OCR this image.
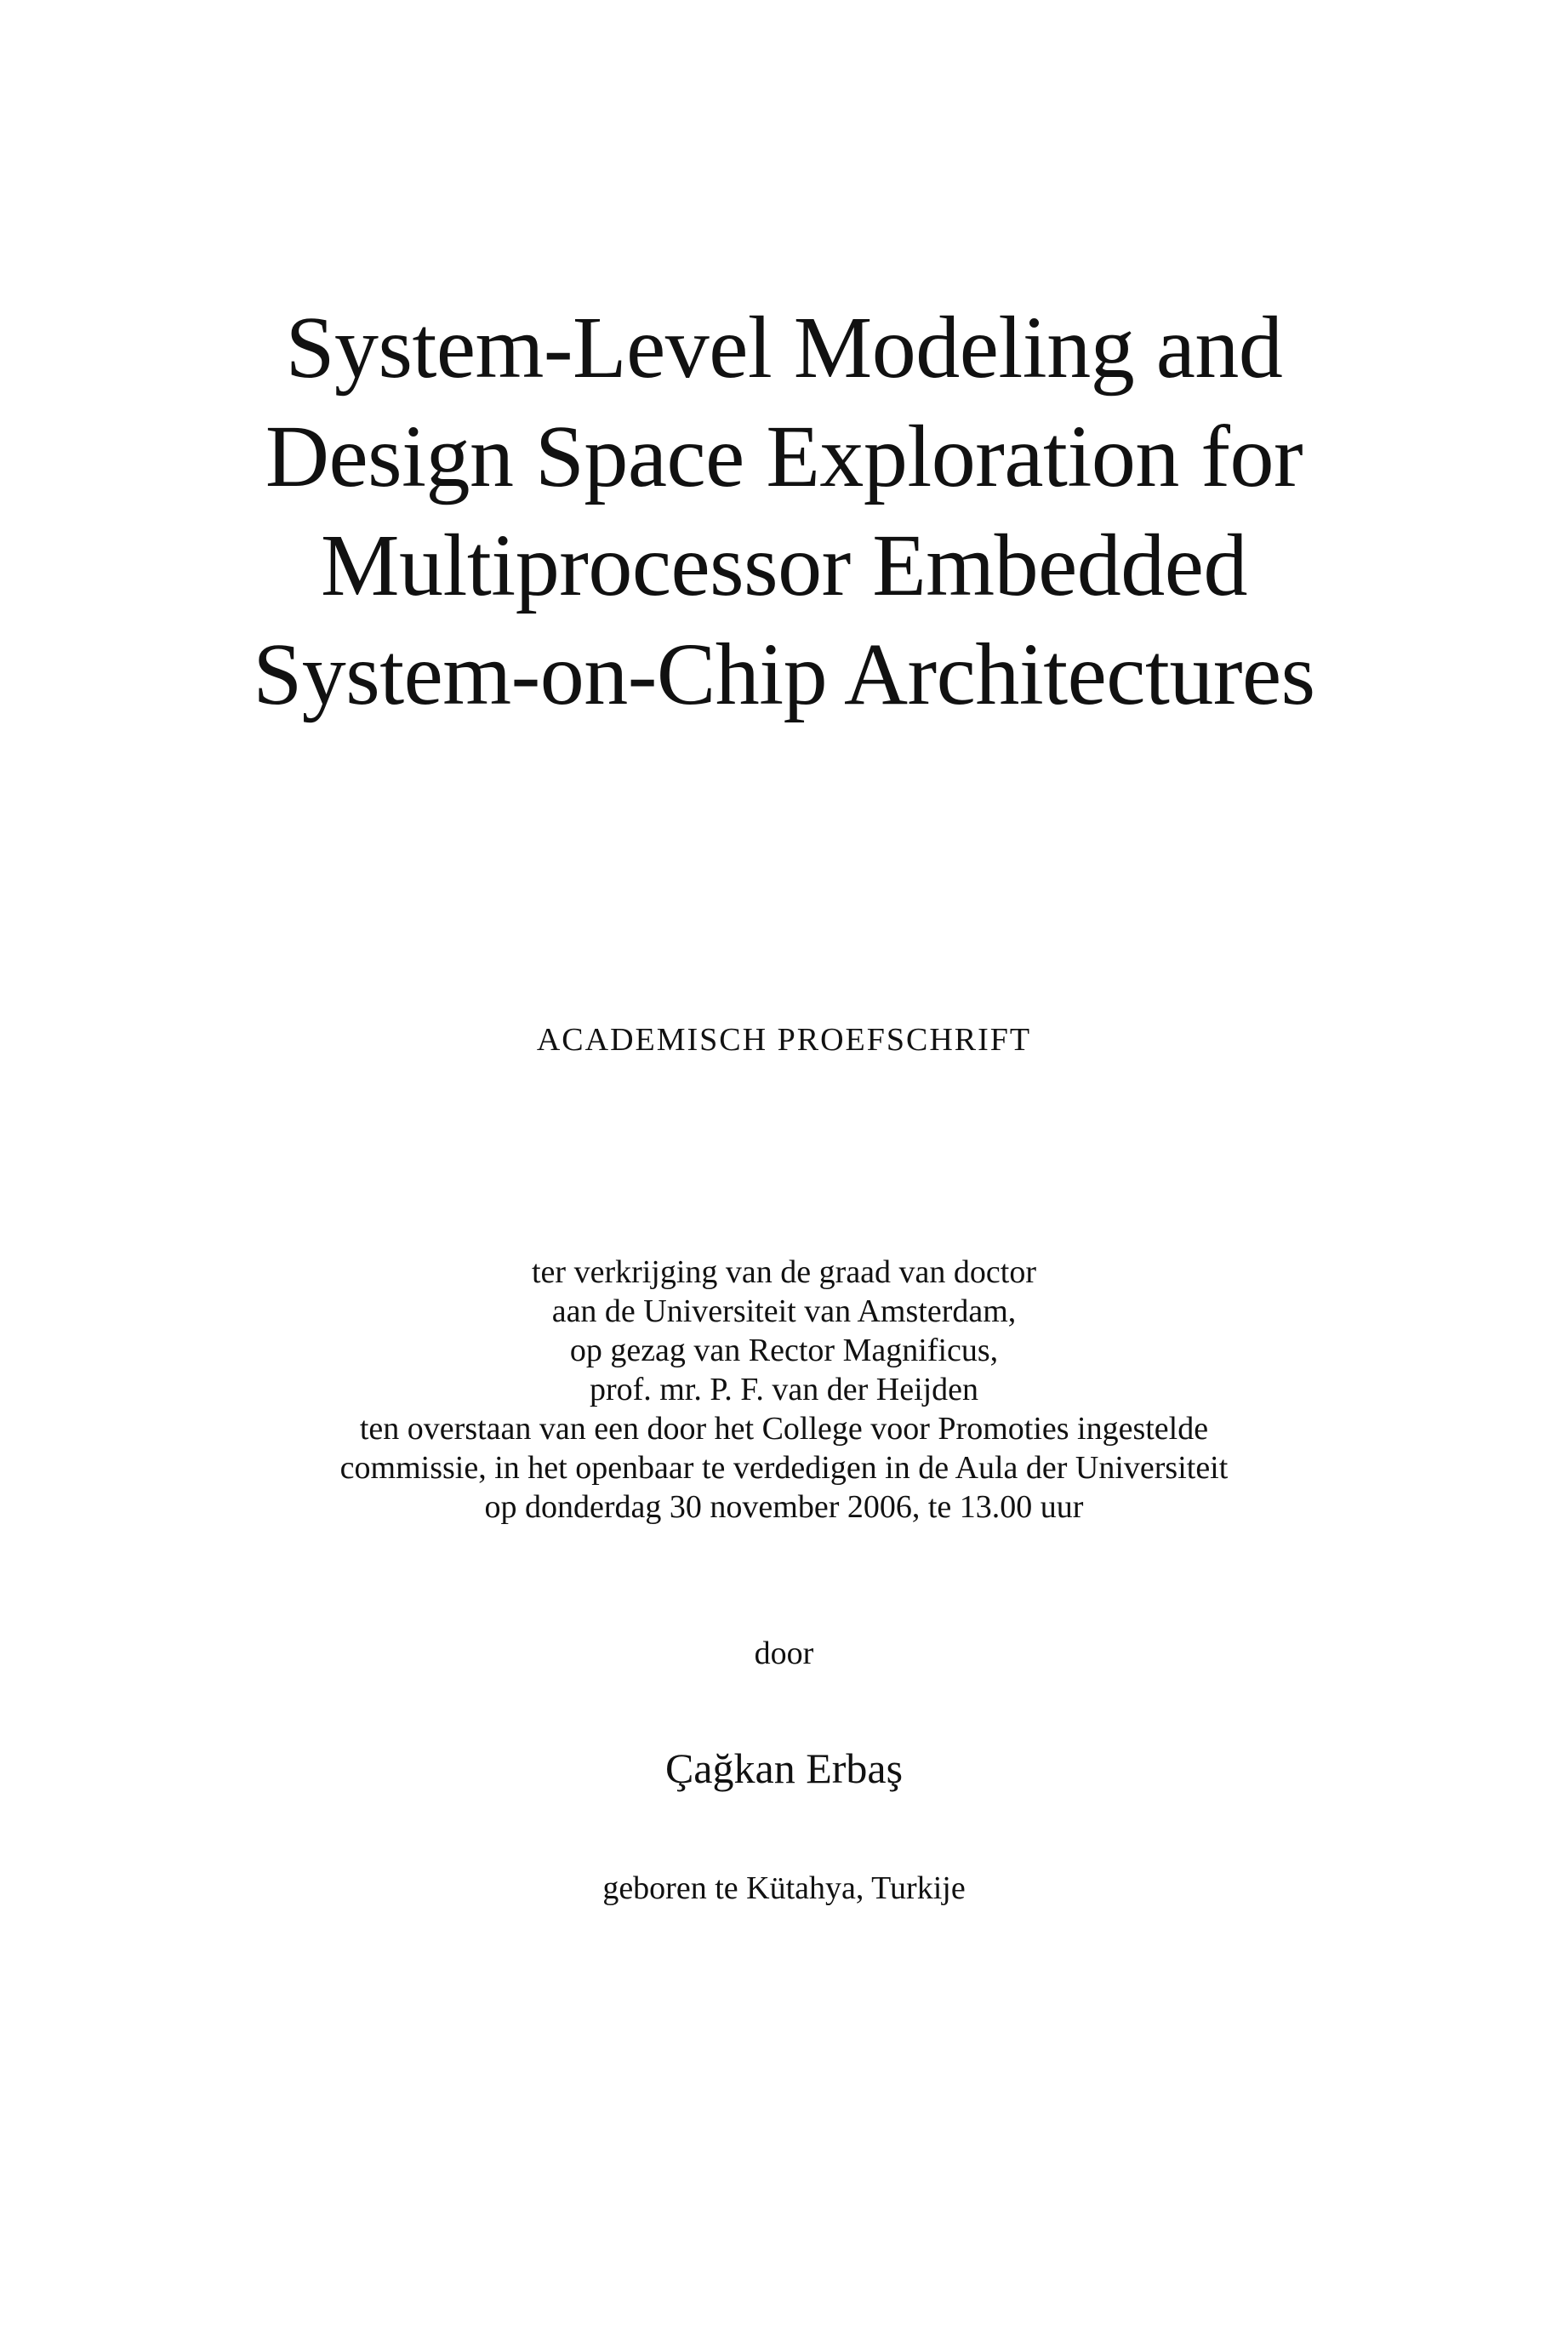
System-Level Modeling and
Design Space Exploration for
Multiprocessor Embedded
System-on-Chip Architectures

ACADEMISCH PROEFSCHRIFT

ter verkrijging van de graad van doctor
aan de Universiteit van Amsterdam,
op gezag van Rector Magnificus,
prof. mr. P. F. van der Heijden
ten overstaan van een door het College voor Promoties ingestelde
commissie, in het openbaar te verdedigen in de Aula der Universiteit
op donderdag 30 november 2006, te 13.00 uur

door

Çağkan Erbaş

geboren te Kütahya, Turkije
